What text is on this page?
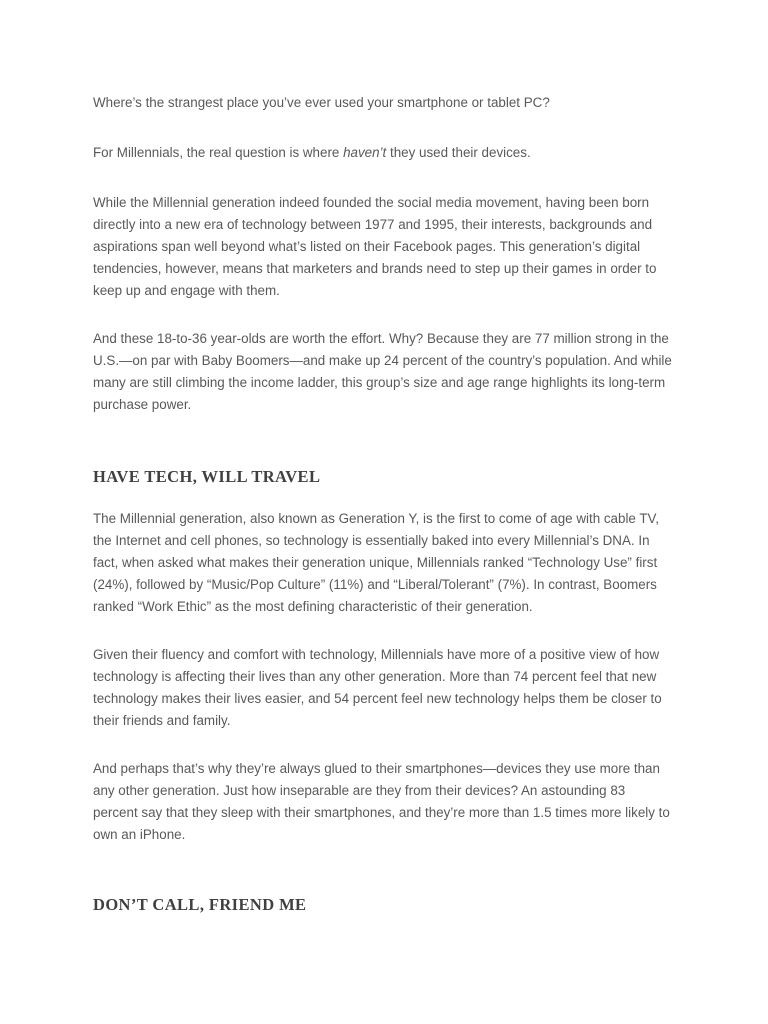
Where’s the strangest place you’ve ever used your smartphone or tablet PC?

For Millennials, the real question is where haven’t they used their devices.

While the Millennial generation indeed founded the social media movement, having been born directly into a new era of technology between 1977 and 1995, their interests, backgrounds and aspirations span well beyond what’s listed on their Facebook pages. This generation’s digital tendencies, however, means that marketers and brands need to step up their games in order to keep up and engage with them.

And these 18-to-36 year-olds are worth the effort. Why? Because they are 77 million strong in the U.S.—on par with Baby Boomers—and make up 24 percent of the country’s population. And while many are still climbing the income ladder, this group’s size and age range highlights its long-term purchase power.

HAVE TECH, WILL TRAVEL

The Millennial generation, also known as Generation Y, is the first to come of age with cable TV, the Internet and cell phones, so technology is essentially baked into every Millennial’s DNA. In fact, when asked what makes their generation unique, Millennials ranked “Technology Use” first (24%), followed by “Music/Pop Culture” (11%) and “Liberal/Tolerant” (7%). In contrast, Boomers ranked “Work Ethic” as the most defining characteristic of their generation.

Given their fluency and comfort with technology, Millennials have more of a positive view of how technology is affecting their lives than any other generation. More than 74 percent feel that new technology makes their lives easier, and 54 percent feel new technology helps them be closer to their friends and family.

And perhaps that’s why they’re always glued to their smartphones—devices they use more than any other generation. Just how inseparable are they from their devices? An astounding 83 percent say that they sleep with their smartphones, and they’re more than 1.5 times more likely to own an iPhone.

DON’T CALL, FRIEND ME
